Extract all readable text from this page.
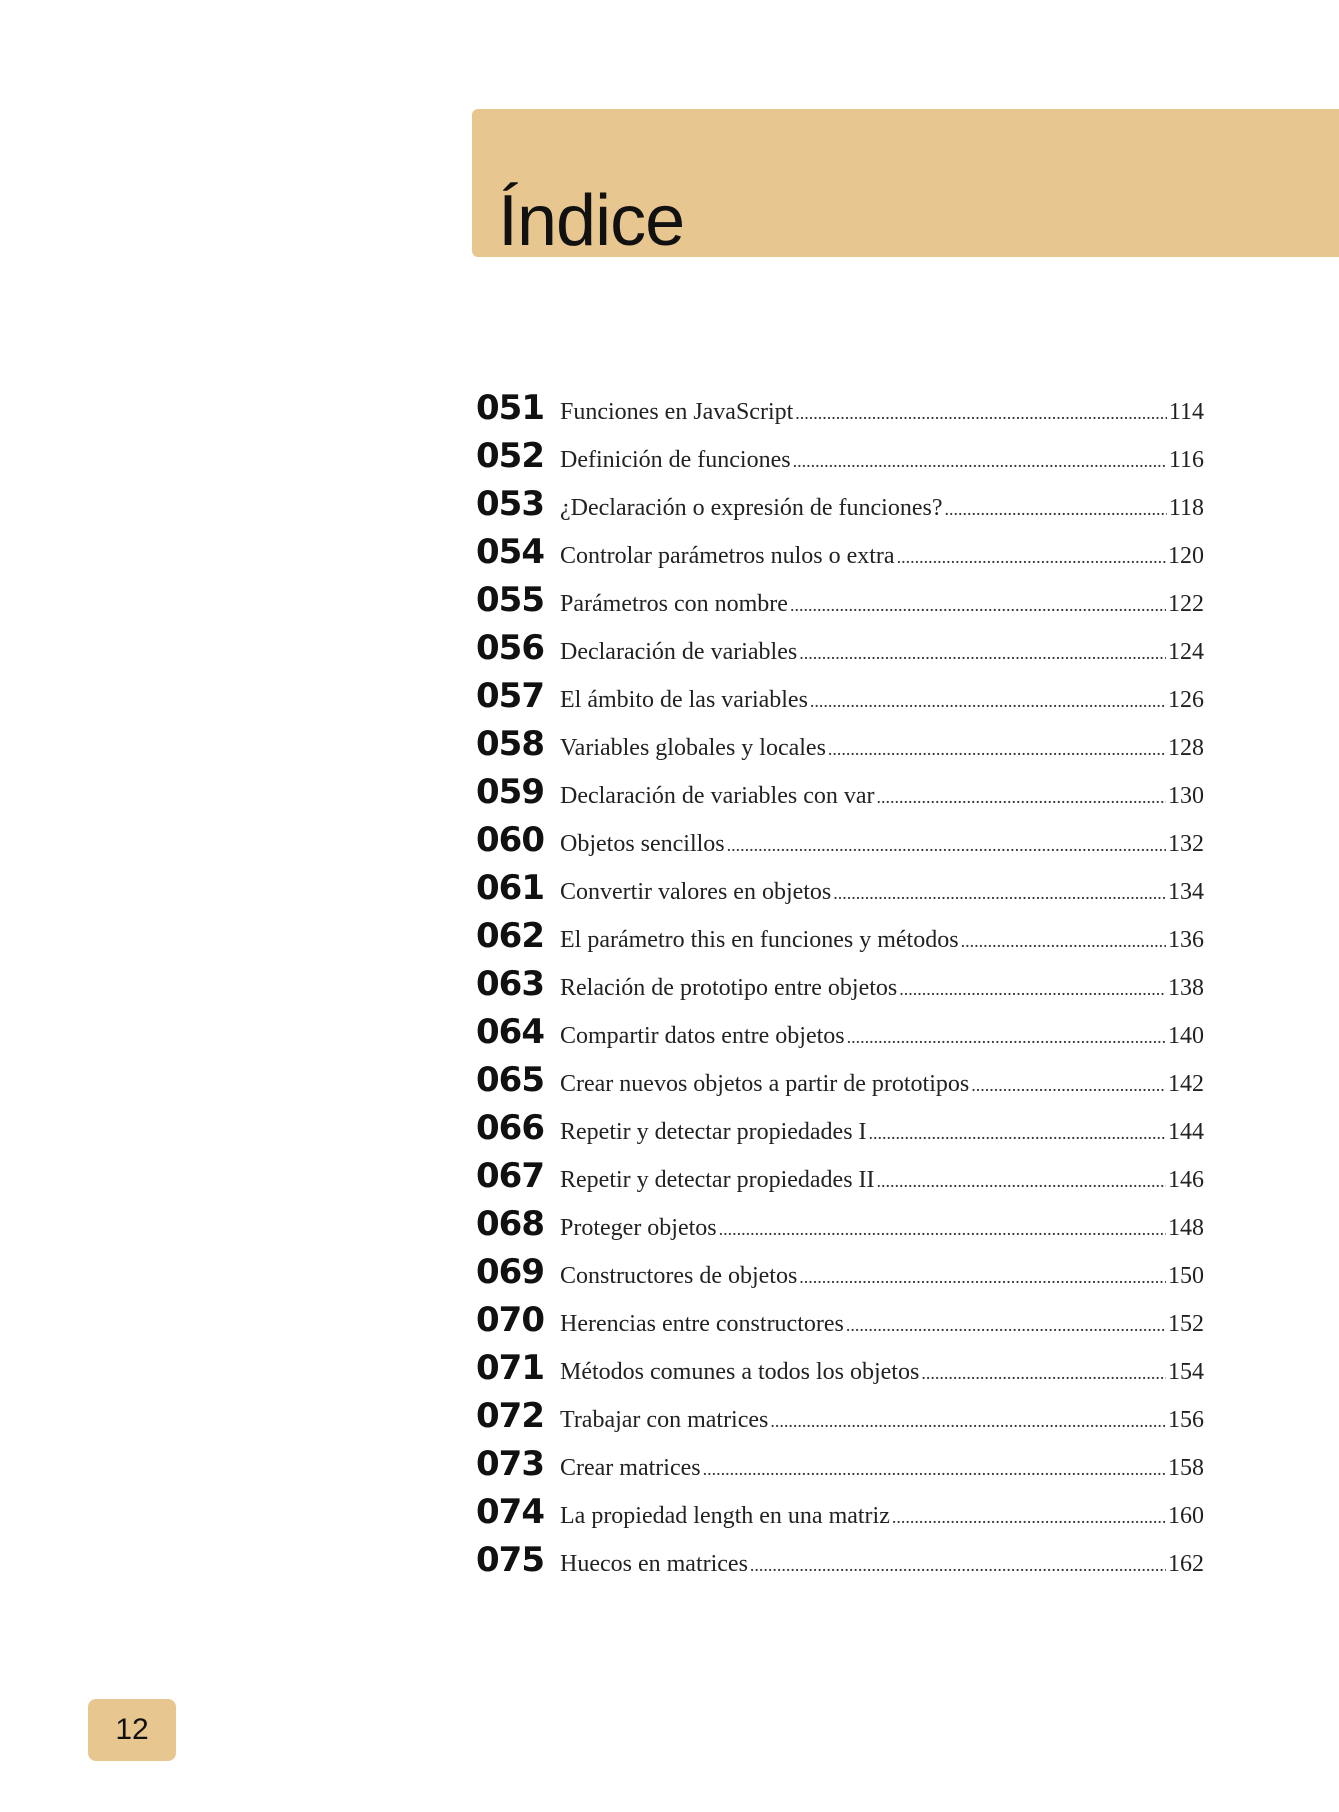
Índice
051 Funciones en JavaScript .....	114
052 Definición de funciones .....	116
053 ¿Declaración o expresión de funciones? .....	118
054 Controlar parámetros nulos o extra .....	120
055 Parámetros con nombre .....	122
056 Declaración de variables .....	124
057 El ámbito de las variables .....	126
058 Variables globales y locales .....	128
059 Declaración de variables con var .....	130
060 Objetos sencillos .....	132
061 Convertir valores en objetos .....	134
062 El parámetro this en funciones y métodos .....	136
063 Relación de prototipo entre objetos .....	138
064 Compartir datos entre objetos .....	140
065 Crear nuevos objetos a partir de prototipos .....	142
066 Repetir y detectar propiedades I .....	144
067 Repetir y detectar propiedades II .....	146
068 Proteger objetos .....	148
069 Constructores de objetos .....	150
070 Herencias entre constructores .....	152
071 Métodos comunes a todos los objetos .....	154
072 Trabajar con matrices .....	156
073 Crear matrices .....	158
074 La propiedad length en una matriz .....	160
075 Huecos en matrices .....	162
12
